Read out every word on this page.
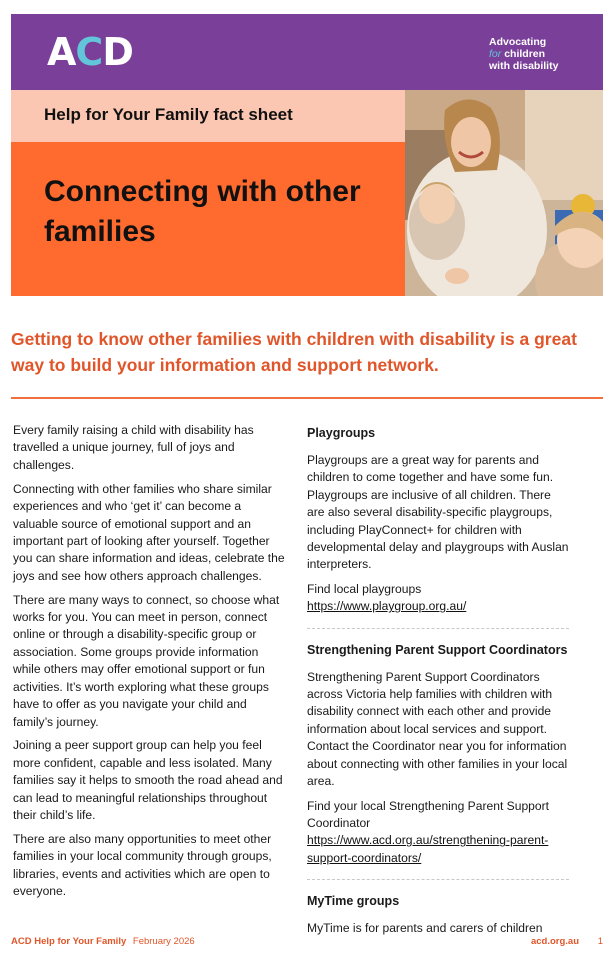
ACD	Advocating
for children
with disability
Help for Your Family fact sheet
Connecting with other families

Getting to know other families with children with disability is a great way to build your information and support network.

Every family raising a child with disability has travelled a unique journey, full of joys and challenges.

Connecting with other families who share similar experiences and who ‘get it’ can become a valuable source of emotional support and an important part of looking after yourself. Together you can share information and ideas, celebrate the joys and see how others approach challenges.

There are many ways to connect, so choose what works for you. You can meet in person, connect online or through a disability-specific group or association. Some groups provide information while others may offer emotional support or fun activities. It’s worth exploring what these groups have to offer as you navigate your child and family’s journey.

Joining a peer support group can help you feel more confident, capable and less isolated. Many families say it helps to smooth the road ahead and can lead to meaningful relationships throughout their child’s life.

There are also many opportunities to meet other families in your local community through groups, libraries, events and activities which are open to everyone.

Playgroups

Playgroups are a great way for parents and children to come together and have some fun. Playgroups are inclusive of all children. There are also several disability-specific playgroups, including PlayConnect+ for children with developmental delay and playgroups with Auslan interpreters.

Find local playgroups
https://www.playgroup.org.au/
Strengthening Parent Support Coordinators

Strengthening Parent Support Coordinators across Victoria help families with children with disability connect with each other and provide information about local services and support. Contact the Coordinator near you for information about connecting with other families in your local area.

Find your local Strengthening Parent Support Coordinator
https://www.acd.org.au/strengthening-parent-support-coordinators/
MyTime groups

MyTime is for parents and carers of children

ACD Help for Your Family February 2026	acd.org.au 1
